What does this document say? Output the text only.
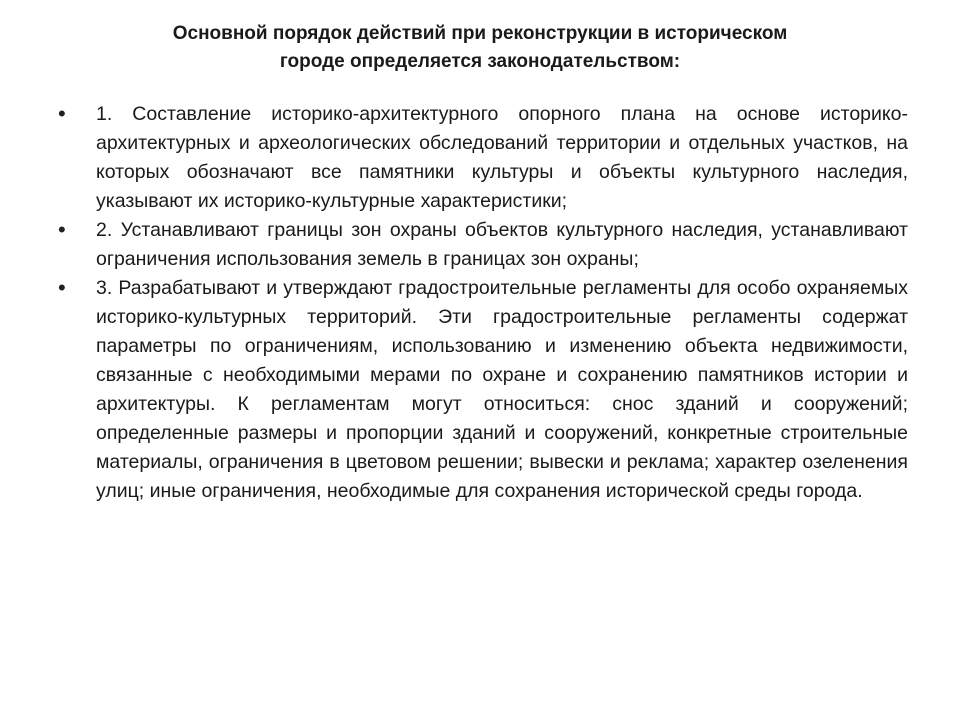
Основной порядок действий при реконструкции в историческом
городе определяется законодательством:
• 1. Составление историко-архитектурного опорного плана на основе историко-архитектурных и археологических обследований территории и отдельных участков, на которых обозначают все памятники культуры и объекты культурного наследия, указывают их историко-культурные характеристики;
• 2. Устанавливают границы зон охраны объектов культурного наследия, устанавливают ограничения использования земель в границах зон охраны;
• 3. Разрабатывают и утверждают градостроительные регламенты для особо охраняемых историко-культурных территорий. Эти градостроительные регламенты содержат параметры по ограничениям, использованию и изменению объекта недвижимости, связанные с необходимыми мерами по охране и сохранению памятников истории и архитектуры. К регламентам могут относиться: снос зданий и сооружений; определенные размеры и пропорции зданий и сооружений, конкретные строительные материалы, ограничения в цветовом решении; вывески и реклама; характер озеленения улиц; иные ограничения, необходимые для сохранения исторической среды города.
